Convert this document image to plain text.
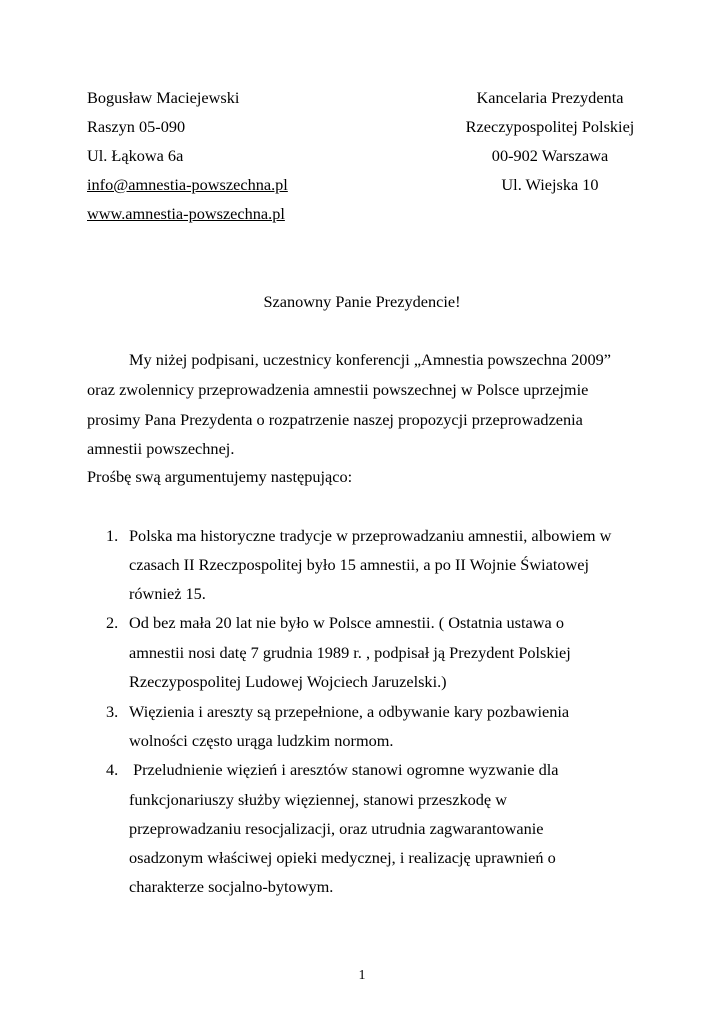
Bogusław Maciejewski
Raszyn 05-090
Ul. Łąkowa 6a
info@amnestia-powszechna.pl
www.amnestia-powszechna.pl
Kancelaria Prezydenta
Rzeczypospolitej Polskiej
00-902 Warszawa
Ul. Wiejska 10
Szanowny Panie Prezydencie!
My niżej podpisani, uczestnicy konferencji „Amnestia powszechna 2009”
oraz zwolennicy przeprowadzenia amnestii powszechnej w Polsce uprzejmie
prosimy Pana Prezydenta o rozpatrzenie naszej propozycji przeprowadzenia
amnestii powszechnej.
Prośbę swą argumentujemy następująco:
1. Polska ma historyczne tradycje w przeprowadzaniu amnestii, albowiem w
czasach II Rzeczpospolitej było 15 amnestii, a po II Wojnie Światowej
również 15.
2. Od bez mała 20 lat nie było w Polsce amnestii. ( Ostatnia ustawa o
amnestii nosi datę 7 grudnia 1989 r. , podpisał ją Prezydent Polskiej
Rzeczypospolitej Ludowej Wojciech Jaruzelski.)
3. Więzienia i areszty są przepełnione, a odbywanie kary pozbawienia
wolności często urąga ludzkim normom.
4. Przeludnienie więzień i aresztów stanowi ogromne wyzwanie dla
funkcjonariuszy służby więziennej, stanowi przeszkodę w
przeprowadzaniu resocjalizacji, oraz utrudnia zagwarantowanie
osadzonym właściwej opieki medycznej, i realizację uprawnień o
charakterze socjalno-bytowym.
1
